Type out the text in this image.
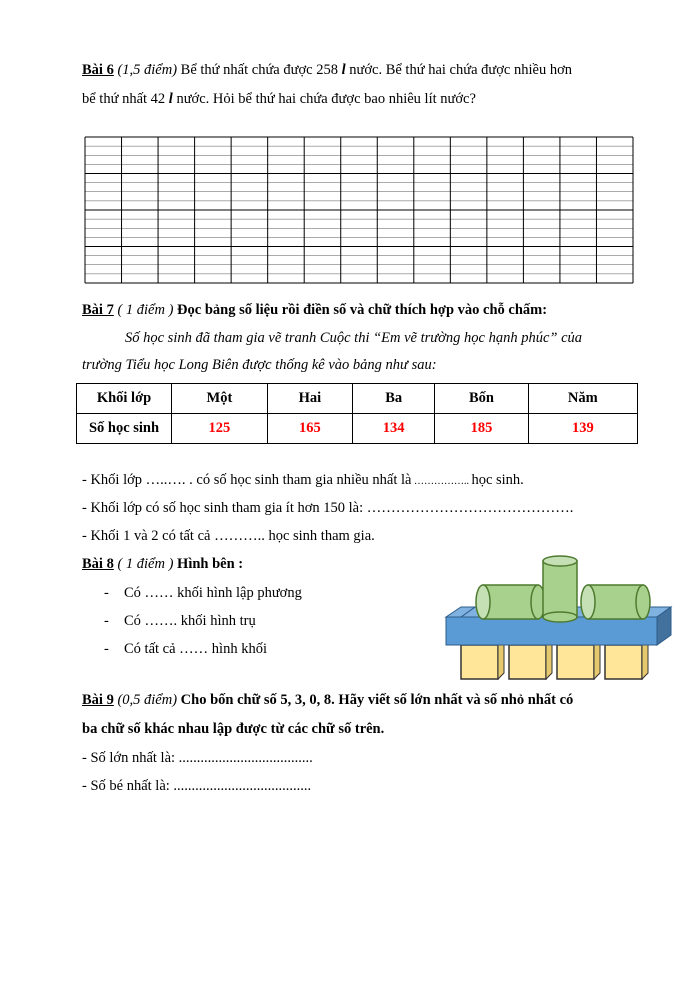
Bài 6 (1,5 điểm) Bể thứ nhất chứa được 258 l nước. Bể thứ hai chứa được nhiều hơn
bể thứ nhất 42 l nước. Hỏi bể thứ hai chứa được bao nhiêu lít nước?
Bài 7 ( 1 điểm ) Đọc bảng số liệu rồi điền số và chữ thích hợp vào chỗ chấm:
Số học sinh đã tham gia vẽ tranh Cuộc thi “Em vẽ trường học hạnh phúc” của
trường Tiểu học Long Biên được thống kê vào bảng như sau:
Khối lớp	Một	Hai	Ba	Bốn	Năm
Số học sinh	125	165	134	185	139
- Khối lớp …..…. . có số học sinh tham gia nhiều nhất là …………….. học sinh.
- Khối lớp có số học sinh tham gia ít hơn 150 là: …………………………………….
- Khối 1 và 2 có tất cả ……….. học sinh tham gia.
Bài 8 ( 1 điểm ) Hình bên :
- Có …… khối hình lập phương
- Có ……. khối hình trụ
- Có tất cả …… hình khối
Bài 9 (0,5 điểm) Cho bốn chữ số 5, 3, 0, 8. Hãy viết số lớn nhất và số nhỏ nhất có
ba chữ số khác nhau lập được từ các chữ số trên.
- Số lớn nhất là: .....................................
- Số bé nhất là: ......................................
